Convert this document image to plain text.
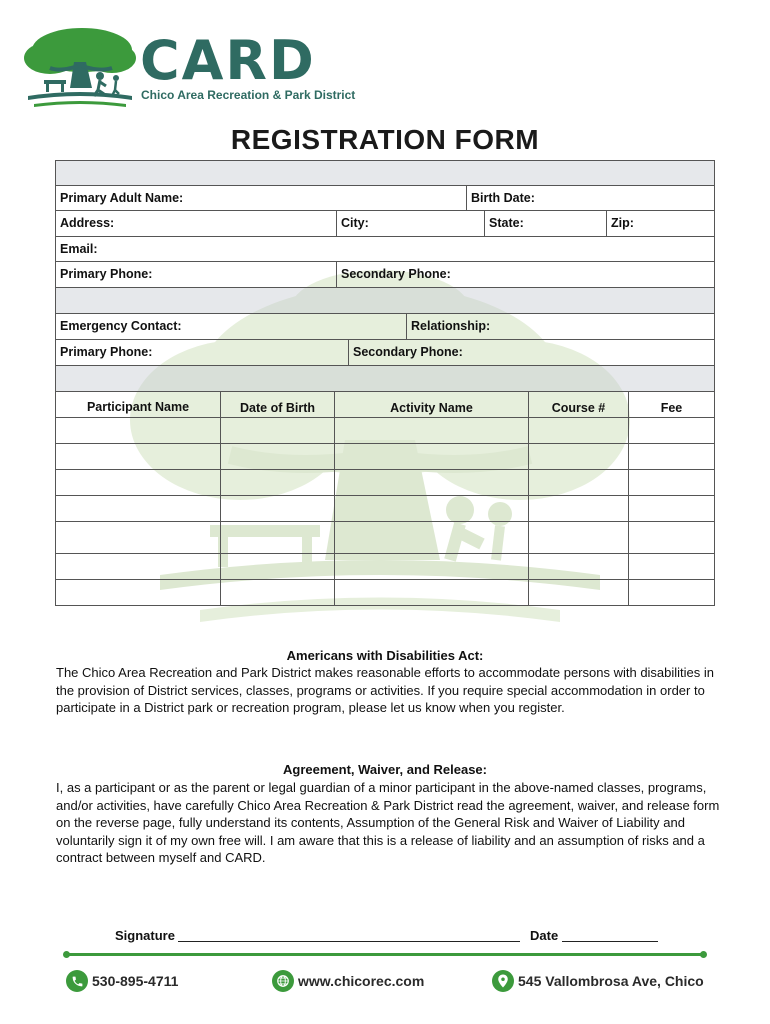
CARD
Chico Area Recreation & Park District
REGISTRATION FORM
Primary Adult Name:	Birth Date:
Address:	City:	State:	Zip:
Email:
Primary Phone:	Secondary Phone:
Emergency Contact:	Relationship:
Primary Phone:	Secondary Phone:
Participant Name	Date of Birth	Activity Name	Course #	Fee
Americans with Disabilities Act:
The Chico Area Recreation and Park District makes reasonable efforts to accommodate persons with disabilities in the provision of District services, classes, programs or activities. If you require special accommodation in order to participate in a District park or recreation program, please let us know when you register.
Agreement, Waiver, and Release:
I, as a participant or as the parent or legal guardian of a minor participant in the above-named classes, programs, and/or activities, have carefully Chico Area Recreation & Park District read the agreement, waiver, and release form on the reverse page, fully understand its contents, Assumption of the General Risk and Waiver of Liability and voluntarily sign it of my own free will. I am aware that this is a release of liability and an assumption of risks and a contract between myself and CARD.
Signature	Date
530-895-4711	www.chicorec.com	545 Vallombrosa Ave, Chico
